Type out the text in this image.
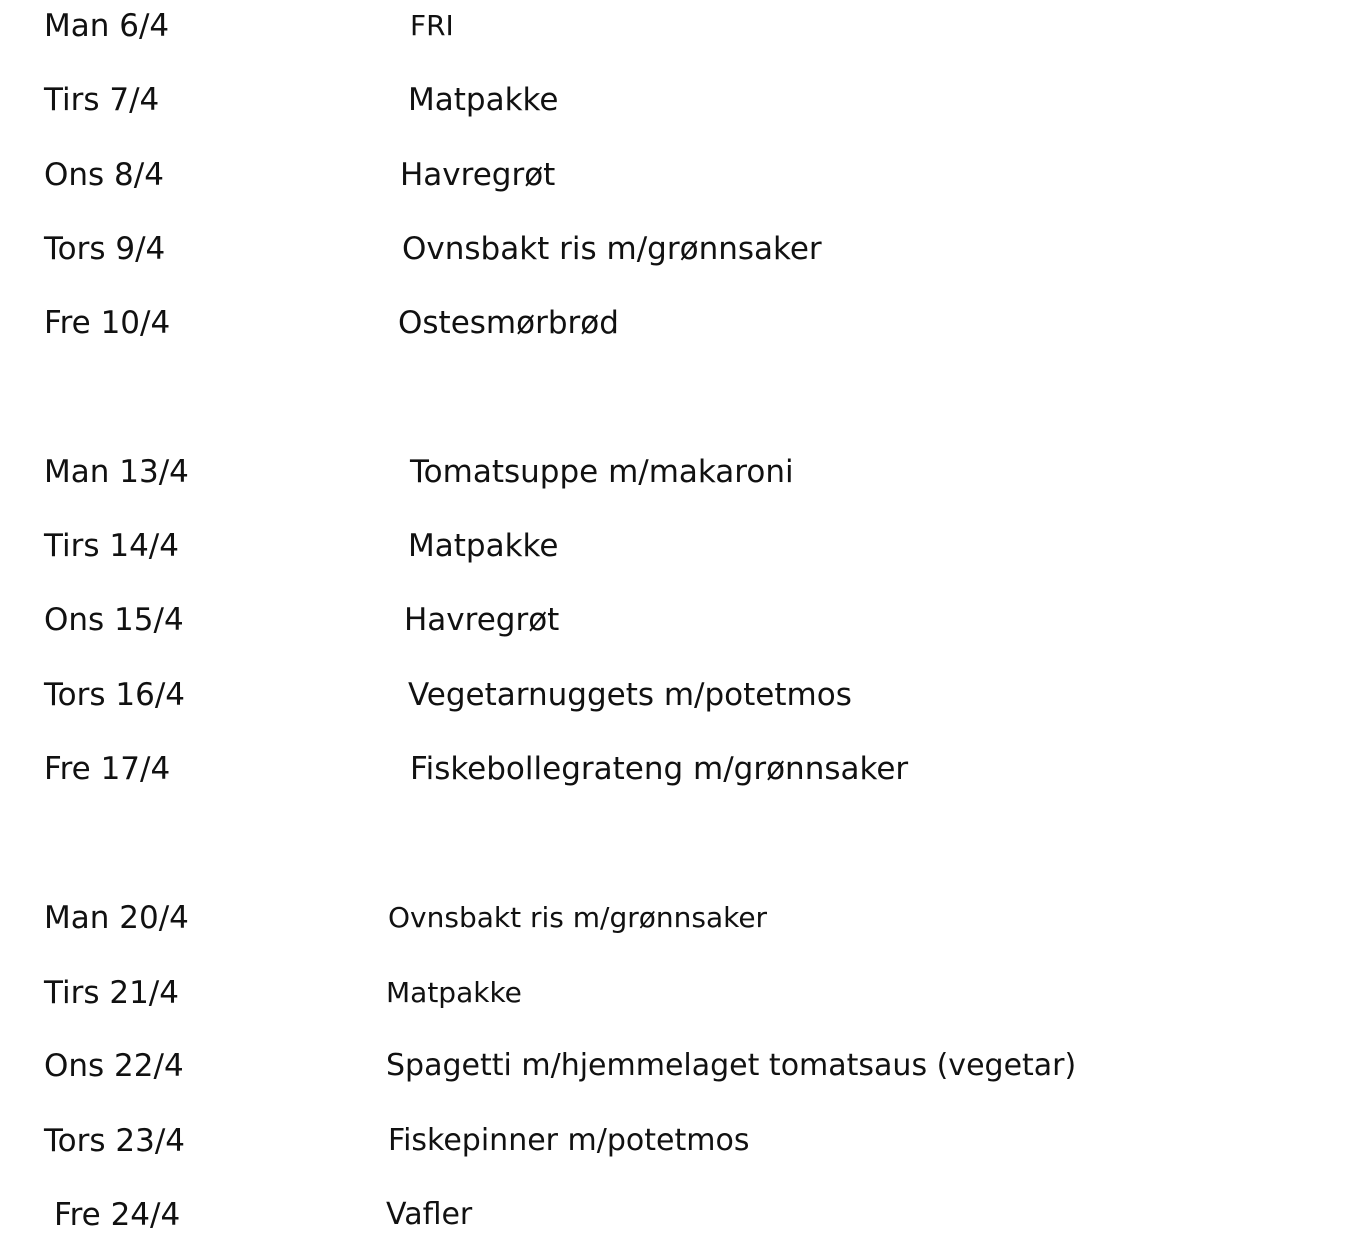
Man 6/4	FRI
Tirs 7/4	Matpakke
Ons 8/4	Havregrøt
Tors 9/4	Ovnsbakt ris m/grønnsaker
Fre 10/4	Ostesmørbrød
Man 13/4	Tomatsuppe m/makaroni
Tirs 14/4	Matpakke
Ons 15/4	Havregrøt
Tors 16/4	Vegetarnuggets m/potetmos
Fre 17/4	Fiskebollegrateng m/grønnsaker
Man 20/4	Ovnsbakt ris m/grønnsaker
Tirs 21/4	Matpakke
Ons 22/4	Spagetti m/hjemmelaget tomatsaus (vegetar)
Tors 23/4	Fiskepinner m/potetmos
Fre 24/4	Vafler
